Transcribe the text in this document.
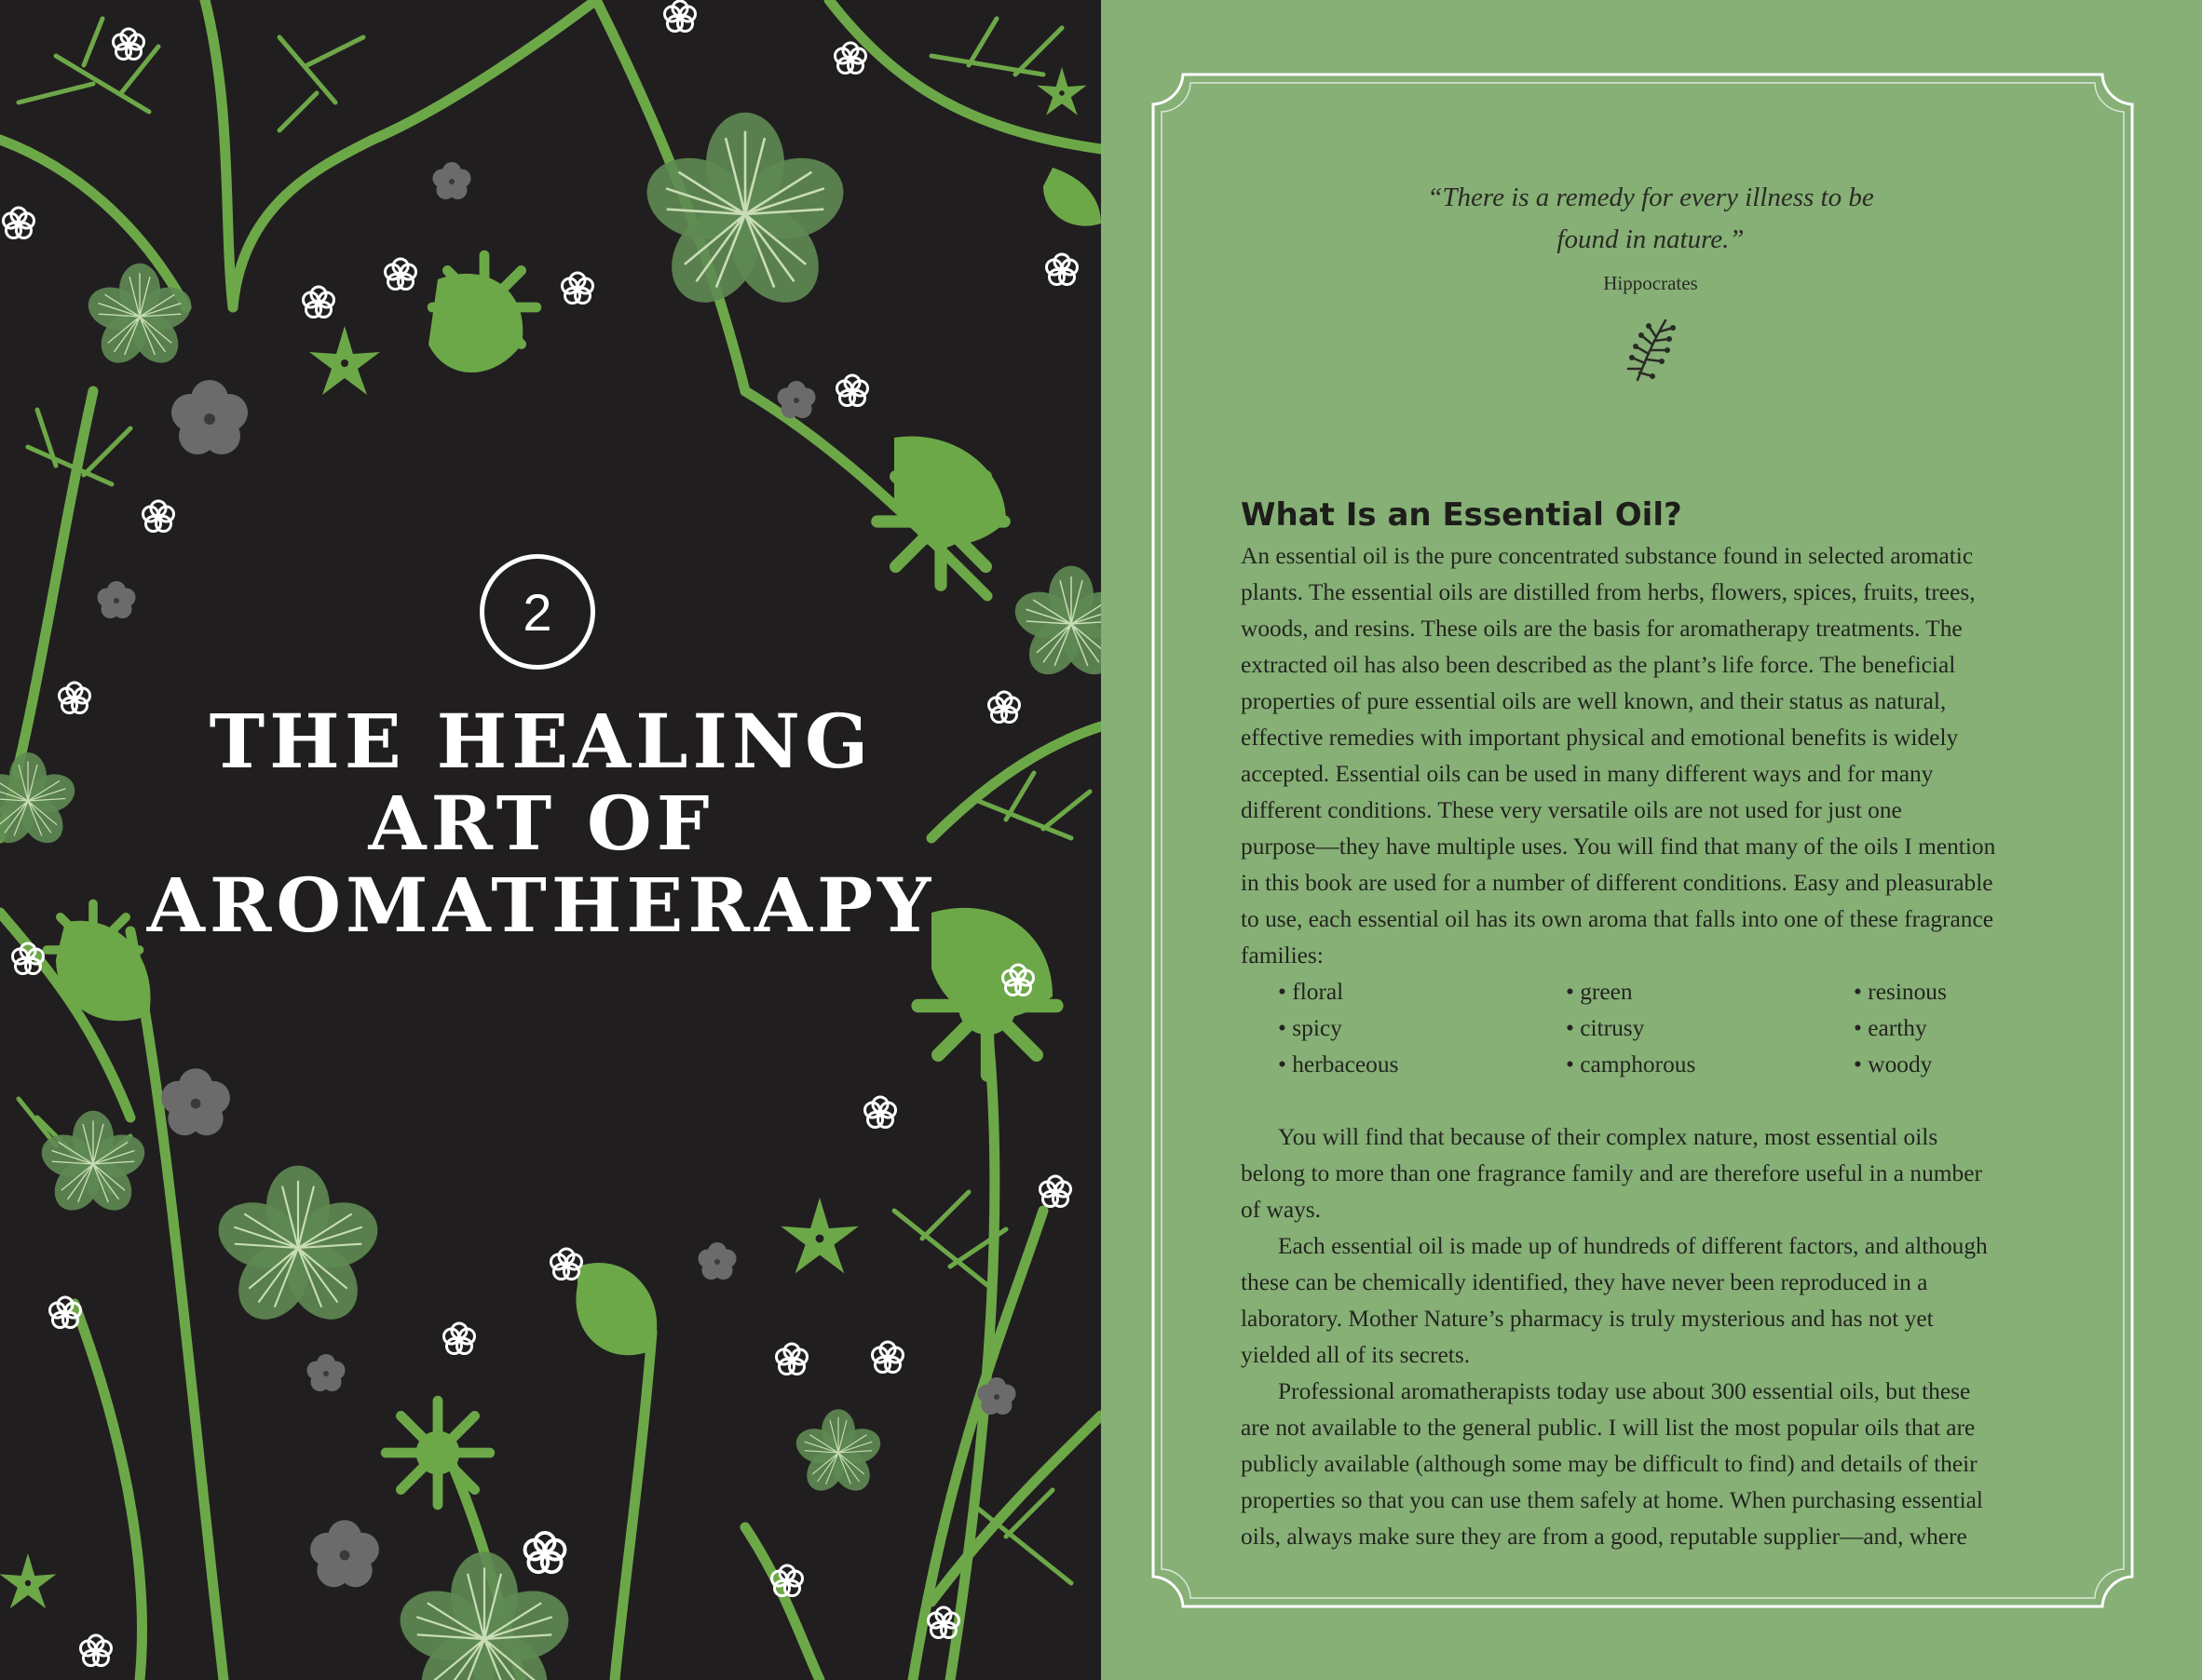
2
THE HEALING
ART OF
AROMATHERAPY
“There is a remedy for every illness to be
found in nature.”
Hippocrates
What Is an Essential Oil?
An essential oil is the pure concentrated substance found in selected aromatic
plants. The essential oils are distilled from herbs, flowers, spices, fruits, trees,
woods, and resins. These oils are the basis for aromatherapy treatments. The
extracted oil has also been described as the plant’s life force. The beneficial
properties of pure essential oils are well known, and their status as natural,
effective remedies with important physical and emotional benefits is widely
accepted. Essential oils can be used in many different ways and for many
different conditions. These very versatile oils are not used for just one
purpose—they have multiple uses. You will find that many of the oils I mention
in this book are used for a number of different conditions. Easy and pleasurable
to use, each essential oil has its own aroma that falls into one of these fragrance
families:
• floral	• green	• resinous
• spicy	• citrusy	• earthy
• herbaceous	• camphorous	• woody
You will find that because of their complex nature, most essential oils
belong to more than one fragrance family and are therefore useful in a number
of ways.
Each essential oil is made up of hundreds of different factors, and although
these can be chemically identified, they have never been reproduced in a
laboratory. Mother Nature’s pharmacy is truly mysterious and has not yet
yielded all of its secrets.
Professional aromatherapists today use about 300 essential oils, but these
are not available to the general public. I will list the most popular oils that are
publicly available (although some may be difficult to find) and details of their
properties so that you can use them safely at home. When purchasing essential
oils, always make sure they are from a good, reputable supplier—and, where
